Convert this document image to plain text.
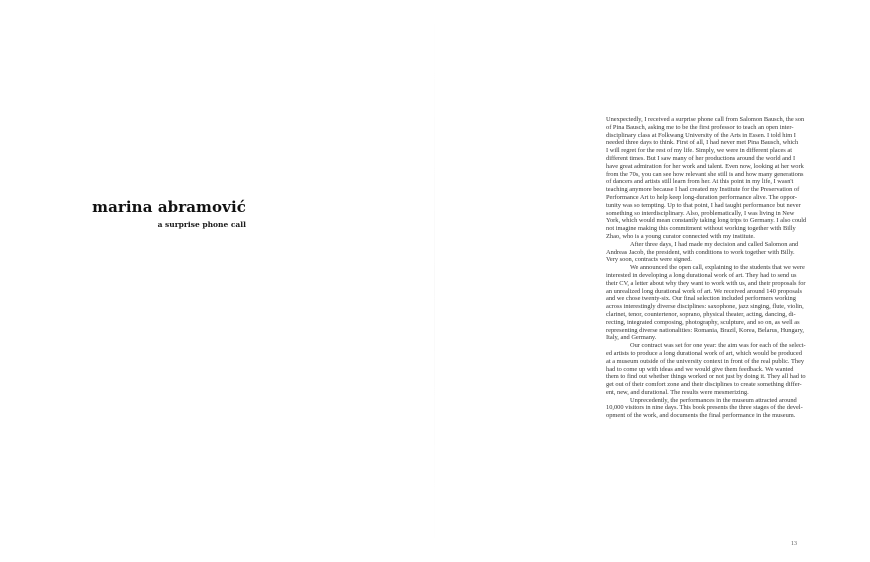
marina abramović
a surprise phone call
Unexpectedly, I received a surprise phone call from Salomon Bausch, the son
of Pina Bausch, asking me to be the first professor to teach an open inter-
disciplinary class at Folkwang University of the Arts in Essen. I told him I
needed three days to think. First of all, I had never met Pina Bausch, which
I will regret for the rest of my life. Simply, we were in different places at
different times. But I saw many of her productions around the world and I
have great admiration for her work and talent. Even now, looking at her work
from the 70s, you can see how relevant she still is and how many generations
of dancers and artists still learn from her. At this point in my life, I wasn't
teaching anymore because I had created my Institute for the Preservation of
Performance Art to help keep long-duration performance alive. The oppor-
tunity was so tempting. Up to that point, I had taught performance but never
something so interdisciplinary. Also, problematically, I was living in New
York, which would mean constantly taking long trips to Germany. I also could
not imagine making this commitment without working together with Billy
Zhao, who is a young curator connected with my institute.
After three days, I had made my decision and called Salomon and
Andreas Jacob, the president, with conditions to work together with Billy.
Very soon, contracts were signed.
We announced the open call, explaining to the students that we were
interested in developing a long durational work of art. They had to send us
their CV, a letter about why they want to work with us, and their proposals for
an unrealized long durational work of art. We received around 140 proposals
and we chose twenty-six. Our final selection included performers working
across interestingly diverse disciplines: saxophone, jazz singing, flute, violin,
clarinet, tenor, countertenor, soprano, physical theater, acting, dancing, di-
recting, integrated composing, photography, sculpture, and so on, as well as
representing diverse nationalities: Romania, Brazil, Korea, Belarus, Hungary,
Italy, and Germany.
Our contract was set for one year: the aim was for each of the select-
ed artists to produce a long durational work of art, which would be produced
at a museum outside of the university context in front of the real public. They
had to come up with ideas and we would give them feedback. We wanted
them to find out whether things worked or not just by doing it. They all had to
get out of their comfort zone and their disciplines to create something differ-
ent, new, and durational. The results were mesmerizing.
Unprecedently, the performances in the museum attracted around
10,000 visitors in nine days. This book presents the three stages of the devel-
opment of the work, and documents the final performance in the museum.
13
